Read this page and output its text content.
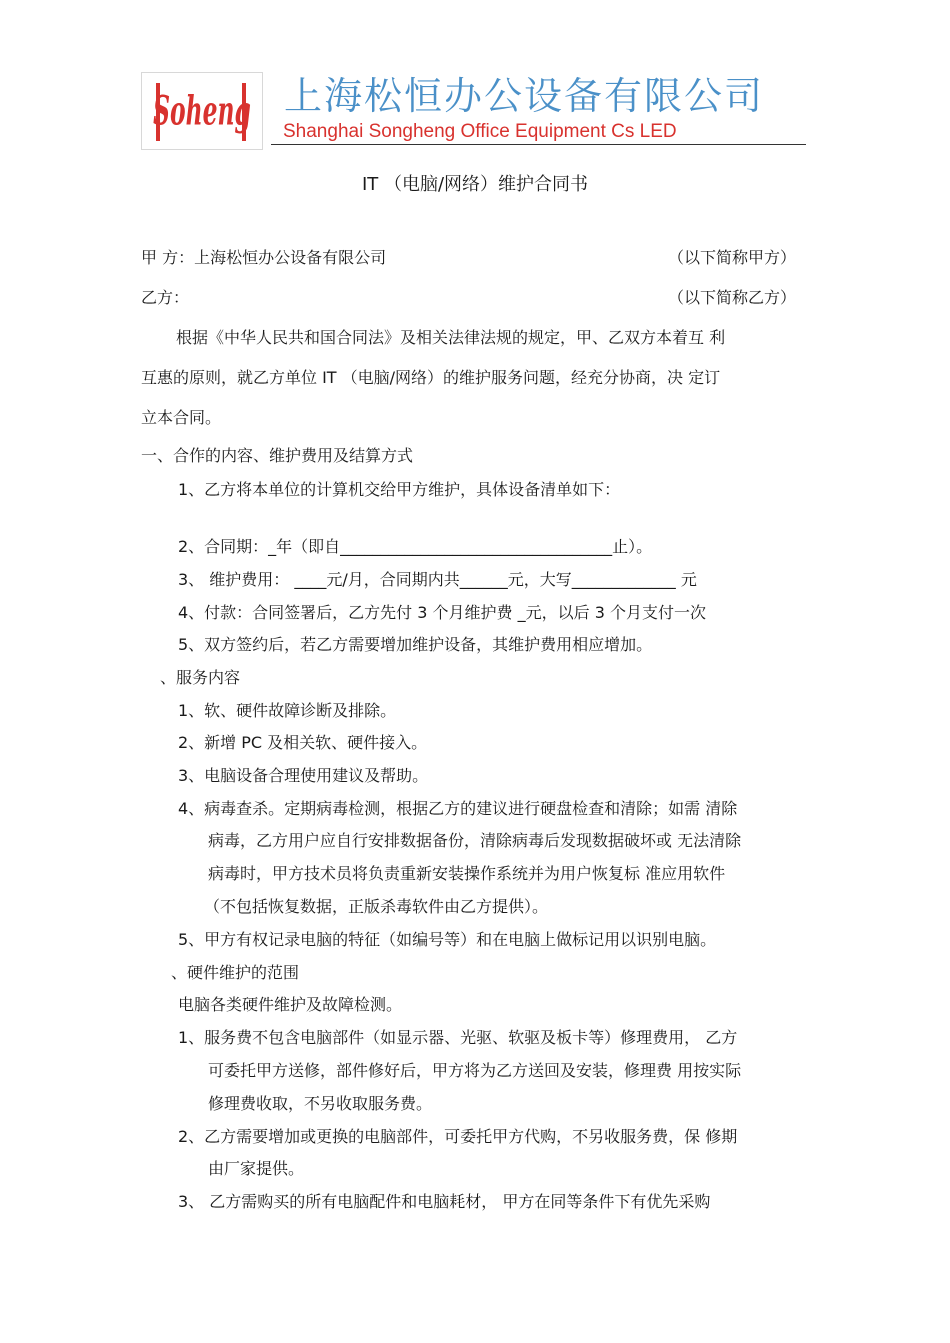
Soheng 上海松恒办公设备有限公司
Shanghai Songheng Office Equipment Cs LED
IT （电脑/网络）维护合同书
甲 方：上海松恒办公设备有限公司	（以下简称甲方）
乙方：	（以下简称乙方）
根据《中华人民共和国合同法》及相关法律法规的规定，甲、乙双方本着互 利
互惠的原则，就乙方单位 IT （电脑/网络）的维护服务问题，经充分协商，决 定订
立本合同。
一、合作的内容、维护费用及结算方式
1、乙方将本单位的计算机交给甲方维护，具体设备清单如下：
2、合同期：_年（即自__________________________________止）。
3、 维护费用： ____元/月，合同期内共______元，大写_____________ 元
4、付款：合同签署后，乙方先付 3 个月维护费 _元，以后 3 个月支付一次
5、双方签约后，若乙方需要增加维护设备，其维护费用相应增加。
、服务内容
1、软、硬件故障诊断及排除。
2、新增 PC 及相关软、硬件接入。
3、电脑设备合理使用建议及帮助。
4、病毒查杀。定期病毒检测，根据乙方的建议进行硬盘检查和清除；如需 清除
病毒，乙方用户应自行安排数据备份，清除病毒后发现数据破坏或 无法清除
病毒时，甲方技术员将负责重新安装操作系统并为用户恢复标 准应用软件
（不包括恢复数据，正版杀毒软件由乙方提供）。
5、甲方有权记录电脑的特征（如编号等）和在电脑上做标记用以识别电脑。
、硬件维护的范围
电脑各类硬件维护及故障检测。
1、服务费不包含电脑部件（如显示器、光驱、软驱及板卡等）修理费用， 乙方
可委托甲方送修，部件修好后，甲方将为乙方送回及安装，修理费 用按实际
修理费收取，不另收取服务费。
2、乙方需要增加或更换的电脑部件，可委托甲方代购，不另收服务费，保 修期
由厂家提供。
3、 乙方需购买的所有电脑配件和电脑耗材， 甲方在同等条件下有优先采购
